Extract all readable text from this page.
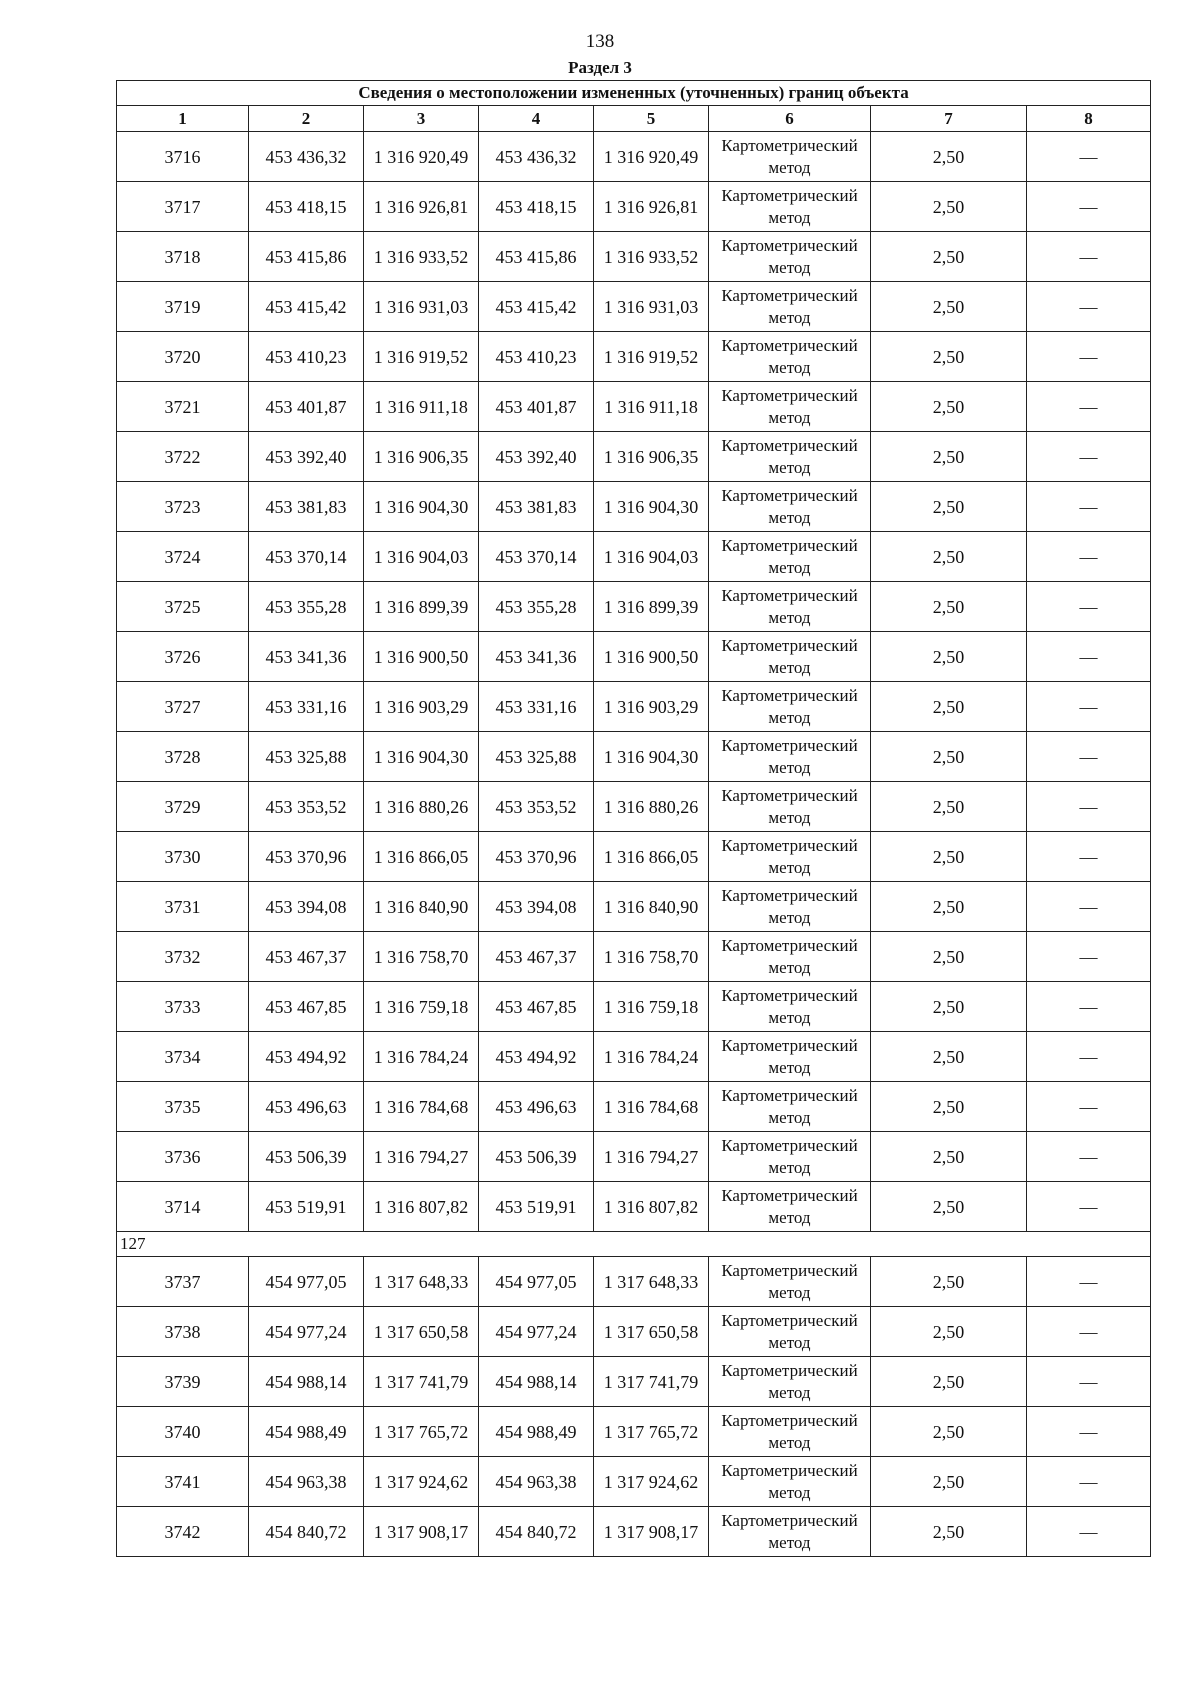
138
Раздел 3
Сведения о местоположении измененных (уточненных) границ объекта							
1	2	3	4	5	6	7	8
3716	453 436,32	1 316 920,49	453 436,32	1 316 920,49	Картометрический метод	2,50	—
3717	453 418,15	1 316 926,81	453 418,15	1 316 926,81	Картометрический метод	2,50	—
3718	453 415,86	1 316 933,52	453 415,86	1 316 933,52	Картометрический метод	2,50	—
3719	453 415,42	1 316 931,03	453 415,42	1 316 931,03	Картометрический метод	2,50	—
3720	453 410,23	1 316 919,52	453 410,23	1 316 919,52	Картометрический метод	2,50	—
3721	453 401,87	1 316 911,18	453 401,87	1 316 911,18	Картометрический метод	2,50	—
3722	453 392,40	1 316 906,35	453 392,40	1 316 906,35	Картометрический метод	2,50	—
3723	453 381,83	1 316 904,30	453 381,83	1 316 904,30	Картометрический метод	2,50	—
3724	453 370,14	1 316 904,03	453 370,14	1 316 904,03	Картометрический метод	2,50	—
3725	453 355,28	1 316 899,39	453 355,28	1 316 899,39	Картометрический метод	2,50	—
3726	453 341,36	1 316 900,50	453 341,36	1 316 900,50	Картометрический метод	2,50	—
3727	453 331,16	1 316 903,29	453 331,16	1 316 903,29	Картометрический метод	2,50	—
3728	453 325,88	1 316 904,30	453 325,88	1 316 904,30	Картометрический метод	2,50	—
3729	453 353,52	1 316 880,26	453 353,52	1 316 880,26	Картометрический метод	2,50	—
3730	453 370,96	1 316 866,05	453 370,96	1 316 866,05	Картометрический метод	2,50	—
3731	453 394,08	1 316 840,90	453 394,08	1 316 840,90	Картометрический метод	2,50	—
3732	453 467,37	1 316 758,70	453 467,37	1 316 758,70	Картометрический метод	2,50	—
3733	453 467,85	1 316 759,18	453 467,85	1 316 759,18	Картометрический метод	2,50	—
3734	453 494,92	1 316 784,24	453 494,92	1 316 784,24	Картометрический метод	2,50	—
3735	453 496,63	1 316 784,68	453 496,63	1 316 784,68	Картометрический метод	2,50	—
3736	453 506,39	1 316 794,27	453 506,39	1 316 794,27	Картометрический метод	2,50	—
3714	453 519,91	1 316 807,82	453 519,91	1 316 807,82	Картометрический метод	2,50	—
127							
3737	454 977,05	1 317 648,33	454 977,05	1 317 648,33	Картометрический метод	2,50	—
3738	454 977,24	1 317 650,58	454 977,24	1 317 650,58	Картометрический метод	2,50	—
3739	454 988,14	1 317 741,79	454 988,14	1 317 741,79	Картометрический метод	2,50	—
3740	454 988,49	1 317 765,72	454 988,49	1 317 765,72	Картометрический метод	2,50	—
3741	454 963,38	1 317 924,62	454 963,38	1 317 924,62	Картометрический метод	2,50	—
3742	454 840,72	1 317 908,17	454 840,72	1 317 908,17	Картометрический метод	2,50	—
